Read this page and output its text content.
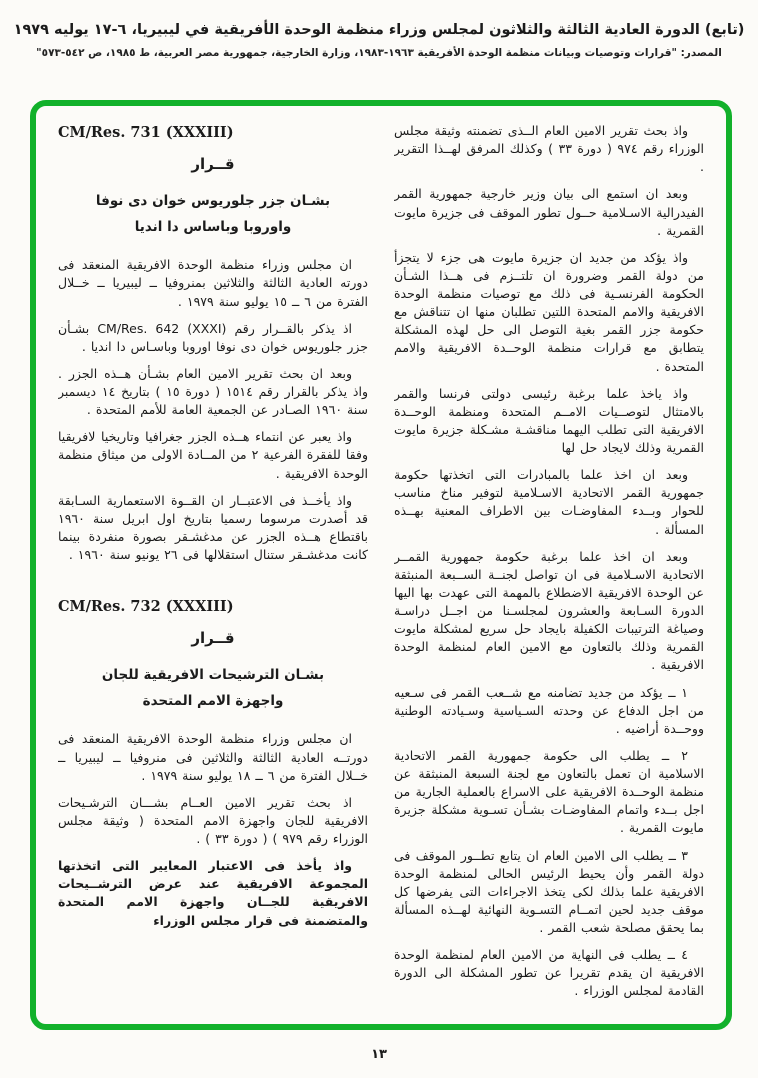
(تابع) الدورة العادية الثالثة والثلاثون لمجلس وزراء منظمة الوحدة الأفريقية في ليبيريا، ٦-١٧ يوليه ١٩٧٩
المصدر: "قرارات وتوصيات وبيانات منظمة الوحدة الأفريقية ١٩٦٣-١٩٨٣، وزارة الخارجية، جمهورية مصر العربية، ط ١٩٨٥، ص ٥٤٢-٥٧٣"

واذ بحث تقرير الامين العام الــذى تضمنته وثيقة مجلس الوزراء رقم ٩٧٤ ( دورة ٣٣ ) وكذلك المرفق لهــذا التقرير .

وبعد ان استمع الى بيان وزير خارجية جمهورية القمر الفيدرالية الاسـلامية حــول تطور الموقف فى جزيرة مايوت القمرية .

واذ يؤكد من جديد ان جزيرة مايوت هى جزء لا يتجزأ من دولة القمر وضرورة ان تلتــزم فى هــذا الشـأن الحكومة الفرنسـية فى ذلك مع توصيات منظمة الوحدة الافريقية والامم المتحدة اللتين تطلبان منها ان تتناقش مع حكومة جزر القمر بغية التوصل الى حل لهذه المشكلة يتطابق مع قرارات منظمة الوحــدة الافريقية والامم المتحدة .

واذ ياخذ علما برغبة رئيسى دولتى فرنسا والقمر بالامتثال لتوصــيات الامــم المتحدة ومنظمة الوحــدة الافريقية التى تطلب اليهما مناقشـة مشـكلة جزيرة مايوت القمرية وذلك لايجاد حل لها

وبعد ان اخذ علما بالمبادرات التى اتخذتها حكومة جمهورية القمر الاتحادية الاسـلامية لتوفير مناخ مناسب للحوار وبــدء المفاوضـات بين الاطراف المعنية بهــذه المسألة .

وبعد ان اخذ علما برغبة حكومة جمهورية القمــر الاتحادية الاسـلامية فى ان تواصل لجنــة الســبعة المنبثقة عن الوحدة الافريقية الاضطلاع بالمهمة التى عهدت بها اليها الدورة السـابعة والعشرون لمجلسـنا من اجــل دراسـة وصياغة الترتيبات الكفيلة بايجاد حل سريع لمشكلة مايوت القمرية وذلك بالتعاون مع الامين العام لمنظمة الوحدة الافريقية .

١ ــ يؤكد من جديد تضامنه مع شــعب القمر فى سـعيه من اجل الدفاع عن وحدته السـياسية وسـيادته الوطنية ووحــدة أراضيه .

٢ ــ يطلب الى حكومة جمهورية القمر الاتحادية الاسلامية ان تعمل بالتعاون مع لجنة السبعة المنبثقة عن منظمة الوحــدة الافريقية على الاسراع بالعملية الجارية من اجل بــدء واتمام المفاوضـات بشـأن تسـوية مشكلة جزيرة مايوت القمرية .

٣ ــ يطلب الى الامين العام ان يتابع تطــور الموقف فى دولة القمر وأن يحيط الرئيس الحالى لمنظمة الوحدة الافريقية علما بذلك لكى يتخذ الاجراءات التى يفرضها كل موقف جديد لحين اتمــام التسـوية النهائية لهــذه المسألة بما يحقق مصلحة شعب القمر .

٤ ــ يطلب فى النهاية من الامين العام لمنظمة الوحدة الافريقية ان يقدم تقريرا عن تطور المشكلة الى الدورة القادمة لمجلس الوزراء .

CM/Res. 731 (XXXIII)
قــرار
بشـان جزر جلوريوس خوان دى نوفا
واوروبا وباساس دا انديا

ان مجلس وزراء منظمة الوحدة الافريقية المنعقد فى دورته العادية الثالثة والثلاثين بمنروفيا ــ ليبيريا ــ خــلال الفترة من ٦ ــ ١٥ يوليو سنة ١٩٧٩ .

اذ يذكر بالقــرار رقم CM/Res. 642 (XXXI) بشـأن جزر جلوريوس خوان دى نوفا اوروبا وباسـاس دا انديا .

وبعد ان بحث تقرير الامين العام بشـأن هــذه الجزر . واذ يذكر بالقرار رقم ١٥١٤ ( دورة ١٥ ) بتاريخ ١٤ ديسمبر سنة ١٩٦٠ الصـادر عن الجمعية العامة للأمم المتحدة .

واذ يعبر عن انتماء هــذه الجزر جغرافيا وتاريخيا لافريقيا وفقا للفقرة الفرعية ٢ من المــادة الاولى من ميثاق منظمة الوحدة الافريقية .

واذ يأخــذ فى الاعتبــار ان القــوة الاستعمارية السـابقة قد أصدرت مرسوما رسميا بتاريخ اول ابريل سنة ١٩٦٠ باقتطاع هــذه الجزر عن مدغشـقر بصورة منفردة بينما كانت مدغشـقر ستنال استقلالها فى ٢٦ يونيو سنة ١٩٦٠ .

CM/Res. 732 (XXXIII)
قــرار
بشـان الترشيحات الافريقية للجان
واجهزة الامم المتحدة

ان مجلس وزراء منظمة الوحدة الافريقية المنعقد فى دورتــه العادية الثالثة والثلاثين فى منروفيا ــ ليبيريا ــ خــلال الفترة من ٦ ــ ١٨ يوليو سنة ١٩٧٩ .

اذ بحث تقرير الامين العــام بشـــان الترشـيحات الافريقية للجان واجهزة الامم المتحدة ( وثيقة مجلس الوزراء رقم ٩٧٩ ) ( دورة ٣٣ ) .

واذ يأخذ فى الاعتبار المعايير التى اتخذتها المجموعة الافريقية عند عرض الترشــيحات الافريقية للجــان واجهزة الامم المتحدة والمتضمنة فى قرار مجلس الوزراء

١٣
